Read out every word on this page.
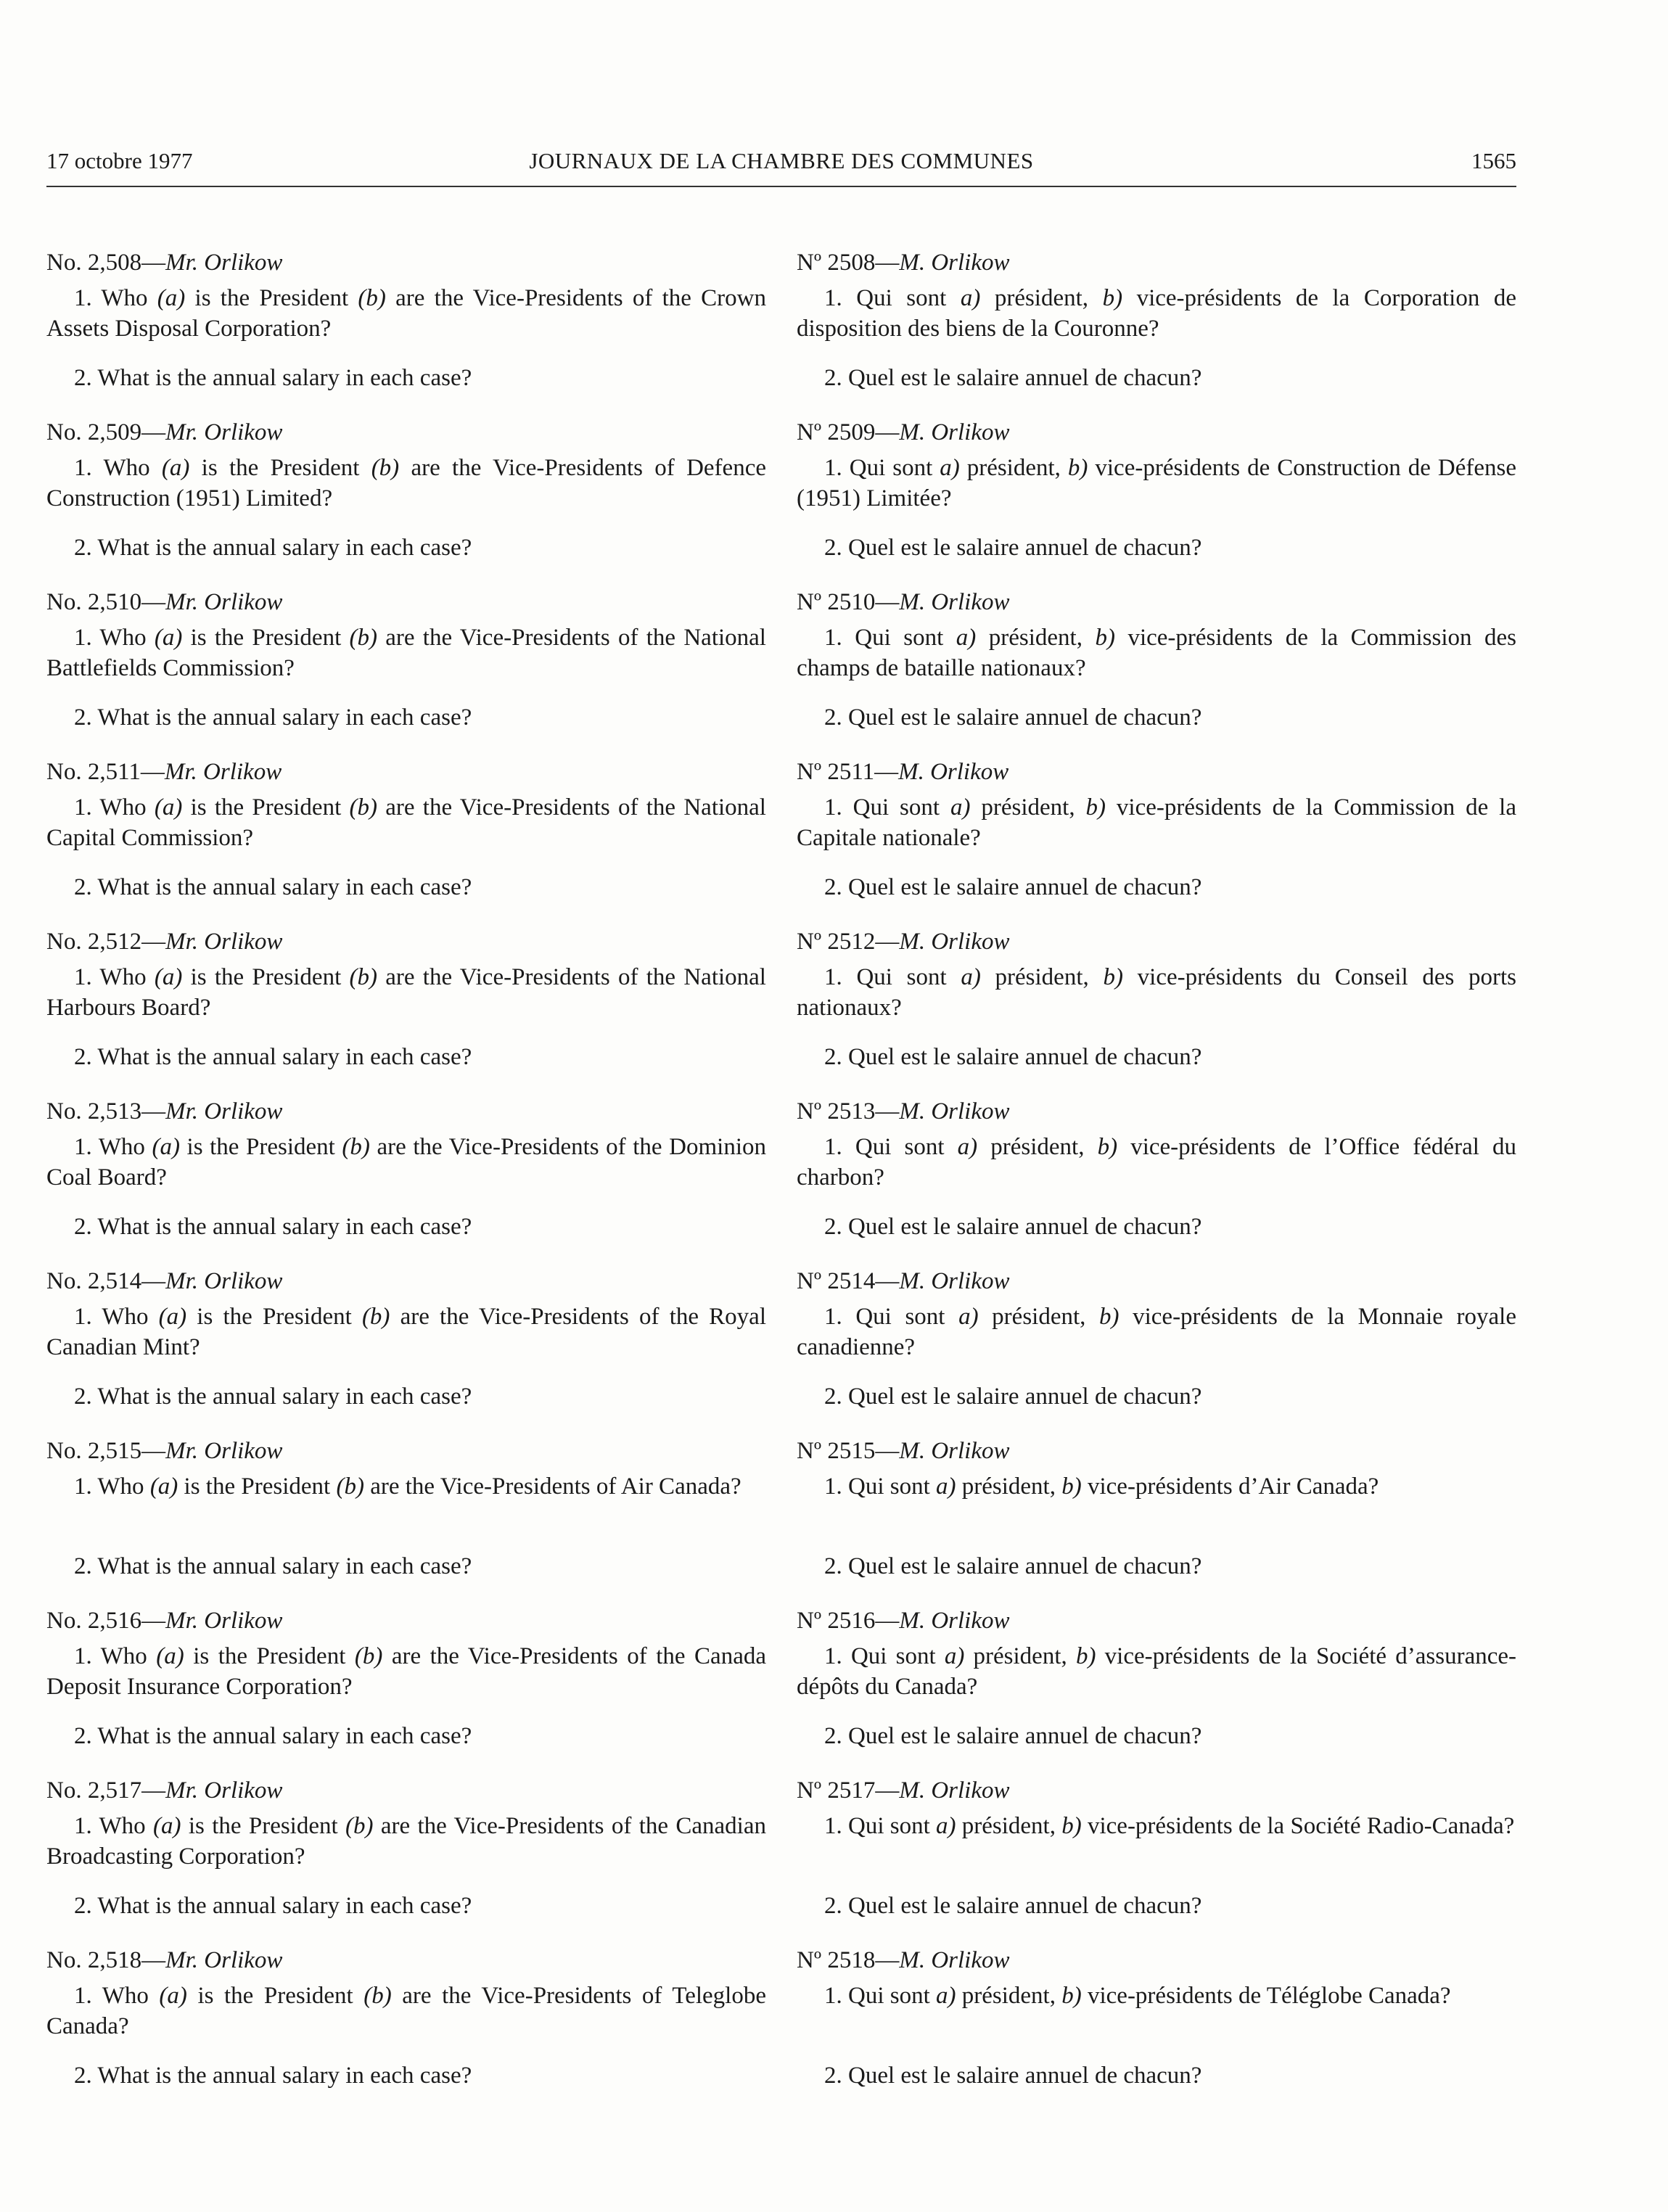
17 octobre 1977	JOURNAUX DE LA CHAMBRE DES COMMUNES	1565
No. 2,508—Mr. Orlikow
1. Who (a) is the President (b) are the Vice-Presidents of the Crown Assets Disposal Corporation?
2. What is the annual salary in each case?
No. 2,509—Mr. Orlikow
1. Who (a) is the President (b) are the Vice-Presidents of Defence Construction (1951) Limited?
2. What is the annual salary in each case?
No. 2,510—Mr. Orlikow
1. Who (a) is the President (b) are the Vice-Presidents of the National Battlefields Commission?
2. What is the annual salary in each case?
No. 2,511—Mr. Orlikow
1. Who (a) is the President (b) are the Vice-Presidents of the National Capital Commission?
2. What is the annual salary in each case?
No. 2,512—Mr. Orlikow
1. Who (a) is the President (b) are the Vice-Presidents of the National Harbours Board?
2. What is the annual salary in each case?
No. 2,513—Mr. Orlikow
1. Who (a) is the President (b) are the Vice-Presidents of the Dominion Coal Board?
2. What is the annual salary in each case?
No. 2,514—Mr. Orlikow
1. Who (a) is the President (b) are the Vice-Presidents of the Royal Canadian Mint?
2. What is the annual salary in each case?
No. 2,515—Mr. Orlikow
1. Who (a) is the President (b) are the Vice-Presidents of Air Canada?
2. What is the annual salary in each case?
No. 2,516—Mr. Orlikow
1. Who (a) is the President (b) are the Vice-Presidents of the Canada Deposit Insurance Corporation?
2. What is the annual salary in each case?
No. 2,517—Mr. Orlikow
1. Who (a) is the President (b) are the Vice-Presidents of the Canadian Broadcasting Corporation?
2. What is the annual salary in each case?
No. 2,518—Mr. Orlikow
1. Who (a) is the President (b) are the Vice-Presidents of Teleglobe Canada?
2. What is the annual salary in each case?
Nº 2508—M. Orlikow
1. Qui sont a) président, b) vice-présidents de la Corporation de disposition des biens de la Couronne?
2. Quel est le salaire annuel de chacun?
Nº 2509—M. Orlikow
1. Qui sont a) président, b) vice-présidents de Construction de Défense (1951) Limitée?
2. Quel est le salaire annuel de chacun?
Nº 2510—M. Orlikow
1. Qui sont a) président, b) vice-présidents de la Commission des champs de bataille nationaux?
2. Quel est le salaire annuel de chacun?
Nº 2511—M. Orlikow
1. Qui sont a) président, b) vice-présidents de la Commission de la Capitale nationale?
2. Quel est le salaire annuel de chacun?
Nº 2512—M. Orlikow
1. Qui sont a) président, b) vice-présidents du Conseil des ports nationaux?
2. Quel est le salaire annuel de chacun?
Nº 2513—M. Orlikow
1. Qui sont a) président, b) vice-présidents de l’Office fédéral du charbon?
2. Quel est le salaire annuel de chacun?
Nº 2514—M. Orlikow
1. Qui sont a) président, b) vice-présidents de la Monnaie royale canadienne?
2. Quel est le salaire annuel de chacun?
Nº 2515—M. Orlikow
1. Qui sont a) président, b) vice-présidents d’Air Canada?
2. Quel est le salaire annuel de chacun?
Nº 2516—M. Orlikow
1. Qui sont a) président, b) vice-présidents de la Société d’assurance-dépôts du Canada?
2. Quel est le salaire annuel de chacun?
Nº 2517—M. Orlikow
1. Qui sont a) président, b) vice-présidents de la Société Radio-Canada?
2. Quel est le salaire annuel de chacun?
Nº 2518—M. Orlikow
1. Qui sont a) président, b) vice-présidents de Téléglobe Canada?
2. Quel est le salaire annuel de chacun?
